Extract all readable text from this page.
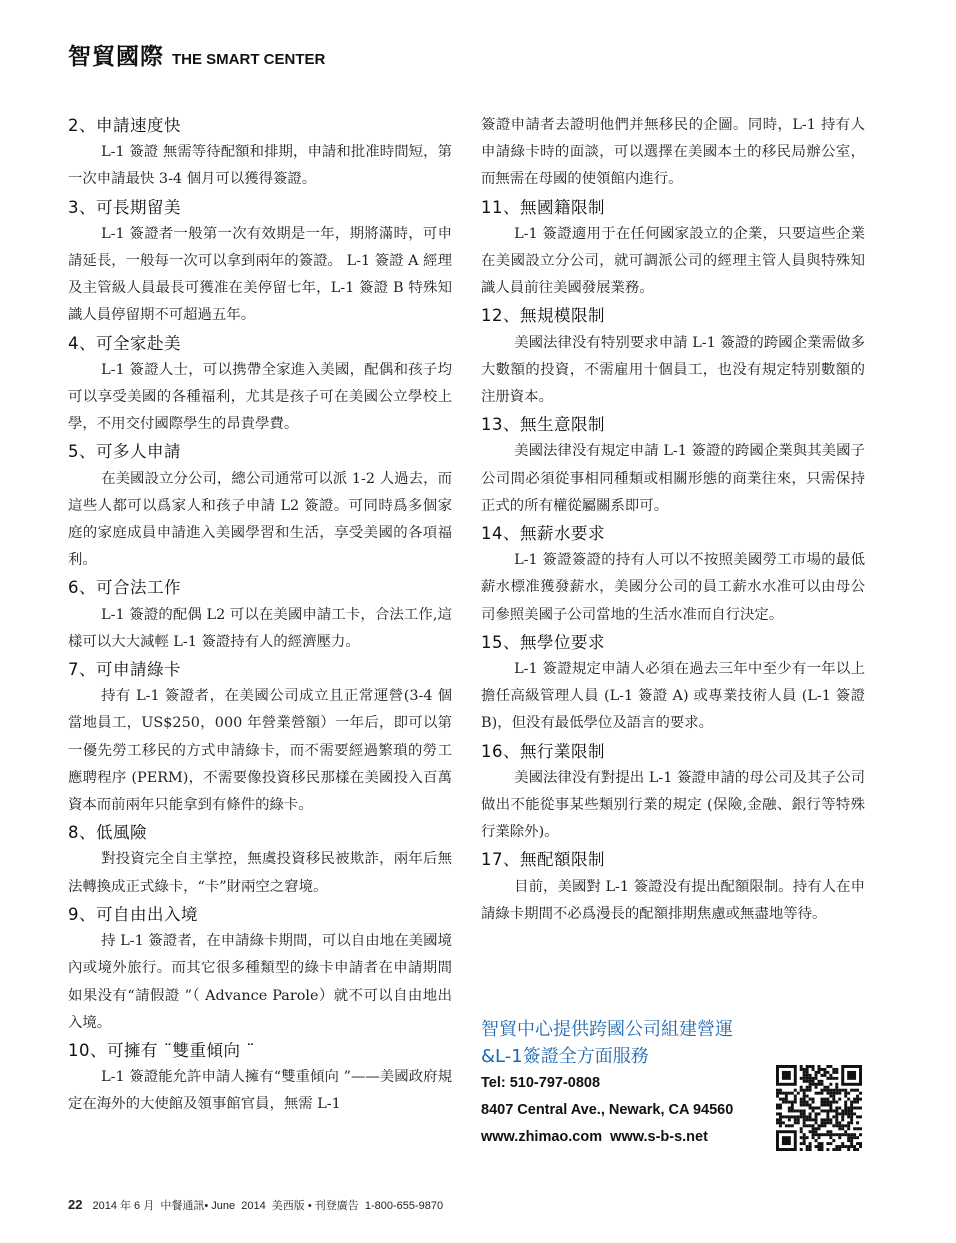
智貿國際 THE SMART CENTER
2、申請速度快

L-1 簽證 無需等待配額和排期，申請和批准時間短，第一次申請最快 3-4 個月可以獲得簽證。

3、可長期留美

L-1 簽證者一般第一次有效期是一年，期將滿時，可申請延長，一般每一次可以拿到兩年的簽證。 L-1 簽證 A 經理及主管級人員最長可獲准在美停留七年，L-1 簽證 B 特殊知識人員停留期不可超過五年。

4、可全家赴美

L-1 簽證人士，可以携帶全家進入美國，配偶和孩子均可以享受美國的各種福利，尤其是孩子可在美國公立學校上學，不用交付國際學生的昂貴學費。

5、可多人申請

在美國設立分公司，總公司通常可以派 1-2 人過去，而這些人都可以爲家人和孩子申請 L2 簽證。可同時爲多個家庭的家庭成員申請進入美國學習和生活，享受美國的各項福利。

6、可合法工作

L-1 簽證的配偶 L2 可以在美國申請工卡，合法工作,這樣可以大大減輕 L-1 簽證持有人的經濟壓力。

7、可申請綠卡

持有 L-1 簽證者，在美國公司成立且正常運營(3-4 個當地員工，US$250，000 年營業營額）一年后，即可以第一優先勞工移民的方式申請綠卡，而不需要經過繁瑣的勞工應聘程序 (PERM)，不需要像投資移民那樣在美國投入百萬資本而前兩年只能拿到有條件的綠卡。

8、低風險

對投資完全自主掌控，無虞投資移民被欺詐，兩年后無法轉換成正式綠卡，“卡”財兩空之窘境。

9、可自由出入境

持 L-1 簽證者，在申請綠卡期間，可以自由地在美國境內或境外旅行。而其它很多種類型的綠卡申請者在申請期間如果没有“請假證 ”（ Advance Parole）就不可以自由地出入境。

10、可擁有 ¨雙重傾向 ¨

L-1 簽證能允許申請人擁有“雙重傾向 ”——美國政府規定在海外的大使館及領事館官員，無需 L-1

簽證申請者去證明他們并無移民的企圖。同時，L-1 持有人申請綠卡時的面談，可以選擇在美國本土的移民局辦公室，而無需在母國的使領館内進行。

11、無國籍限制

L-1 簽證適用于在任何國家設立的企業，只要這些企業在美國設立分公司，就可調派公司的經理主管人員與特殊知識人員前往美國發展業務。

12、無規模限制

美國法律没有特别要求申請 L-1 簽證的跨國企業需做多大數額的投資，不需雇用十個員工，也没有規定特别數額的注册資本。

13、無生意限制

美國法律没有規定申請 L-1 簽證的跨國企業與其美國子公司間必須從事相同種類或相關形態的商業往來，只需保持正式的所有權從屬關系即可。

14、無薪水要求

L-1 簽證簽證的持有人可以不按照美國勞工市場的最低薪水標准獲發薪水，美國分公司的員工薪水水准可以由母公司參照美國子公司當地的生活水准而自行決定。

15、無學位要求

L-1 簽證規定申請人必須在過去三年中至少有一年以上擔任高級管理人員 (L-1 簽證 A) 或專業技術人員 (L-1 簽證 B)，但没有最低學位及語言的要求。

16、無行業限制

美國法律没有對提出 L-1 簽證申請的母公司及其子公司做出不能從事某些類别行業的規定 (保險,金融、銀行等特殊行業除外)。

17、無配額限制

目前，美國對 L-1 簽證没有提出配額限制。持有人在申請綠卡期間不必爲漫長的配額排期焦慮或無盡地等待。

智貿中心提供跨國公司組建營運
&L-1簽證全方面服務
Tel: 510-797-0808
8407 Central Ave., Newark, CA 94560
www.zhimao.com  www.s-b-s.net
22 2014 年 6 月  中餐通訊• June  2014  美西版 • 刊登廣告  1-800-655-9870
